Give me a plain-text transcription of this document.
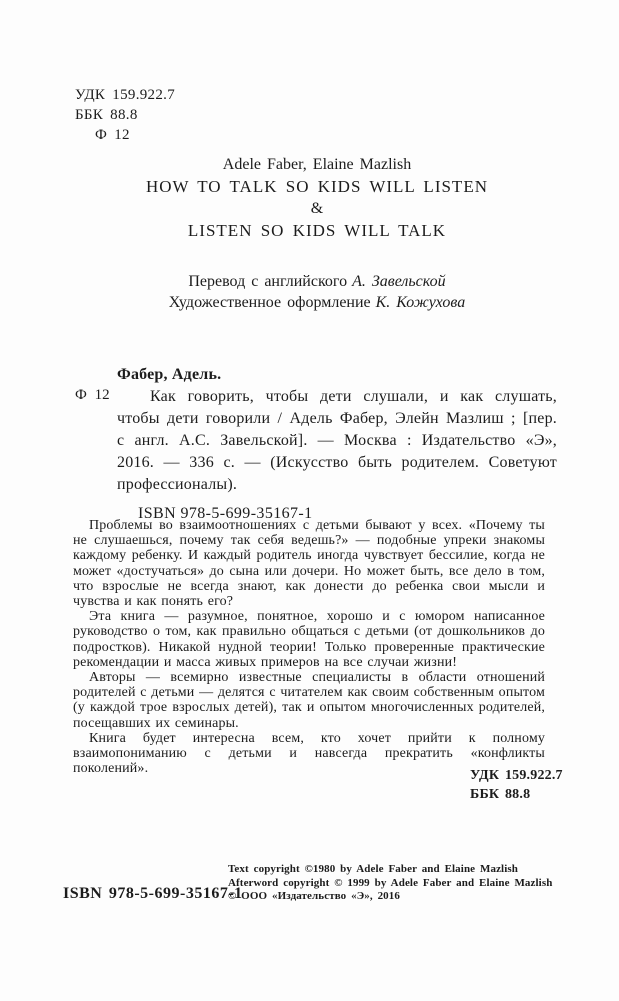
УДК 159.922.7
ББК 88.8
Ф 12
Adele Faber, Elaine Mazlish
HOW TO TALK SO KIDS WILL LISTEN
&
LISTEN SO KIDS WILL TALK
Перевод с английского А. Завельской
Художественное оформление К. Кожухова
Фабер, Адель.
Ф 12	Как говорить, чтобы дети слушали, и как слушать, чтобы дети говорили / Адель Фабер, Элейн Мазлиш ; [пер. с англ. А.С. Завельской]. — Москва : Издательство «Э», 2016. — 336 с. — (Искусство быть родителем. Советуют профессионалы).

ISBN 978-5-699-35167-1

Проблемы во взаимоотношениях с детьми бывают у всех. «Почему ты не слушаешься, почему так себя ведешь?» — подобные упреки знакомы каждому ребенку. И каждый родитель иногда чувствует бессилие, когда не может «достучаться» до сына или дочери. Но может быть, все дело в том, что взрослые не всегда знают, как донести до ребенка свои мысли и чувства и как понять его?

Эта книга — разумное, понятное, хорошо и с юмором написанное руководство о том, как правильно общаться с детьми (от дошкольников до подростков). Никакой нудной теории! Только проверенные практические рекомендации и масса живых примеров на все случаи жизни!

Авторы — всемирно известные специалисты в области отношений родителей с детьми — делятся с читателем как своим собственным опытом (у каждой трое взрослых детей), так и опытом многочисленных родителей, посещавших их семинары.

Книга будет интересна всем, кто хочет прийти к полному взаимопониманию с детьми и навсегда прекратить «конфликты поколений».	УДК 159.922.7
ББК 88.8
ISBN 978-5-699-35167-1
Text copyright ©1980 by Adele Faber and Elaine Mazlish
Afterword copyright © 1999 by Adele Faber and Elaine Mazlish
© ООО «Издательство «Э», 2016
